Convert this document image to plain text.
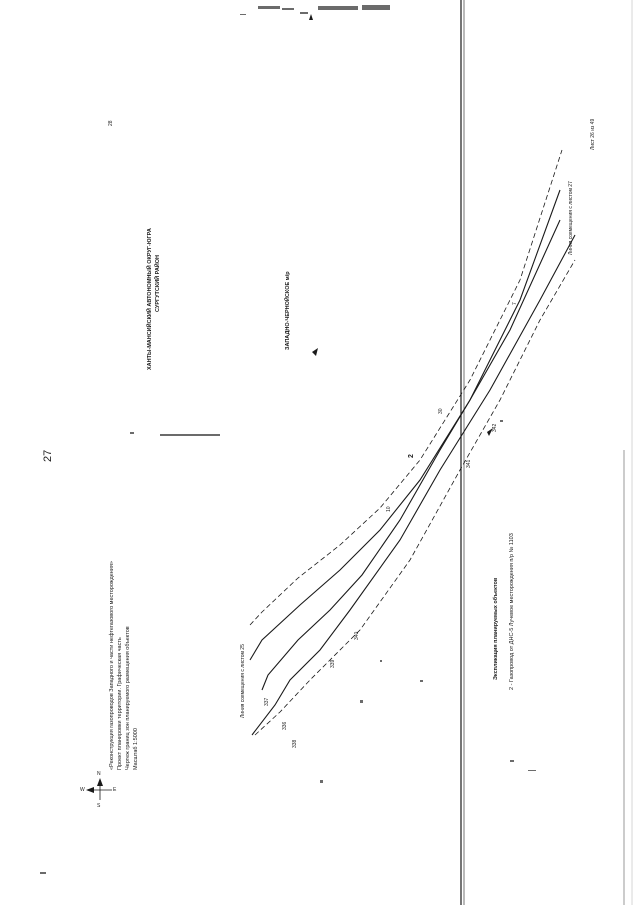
27
28
ХАНТЫ-МАНСИЙСКИЙ АВТОНОМНЫЙ ОКРУГ-ЮГРА СУРГУТСКИЙ РАЙОН	ЗАПАДНО-ЧЕРНОЙСКОЕ м/р
«Реконструкция газопроводов Западного и части нефтегазового месторождения» Проект планировки территории. Графическая часть Чертеж границ зон планируемого размещения объектов Масштаб 1:5000
N
S
E
W
Экспликация планируемых объектов 2 - Газопровод от ДНС-5 Лучевое месторождения п/р № 1103
Лист 26 из 49
Линия совмещения с листом 25
Линия совмещения с листом 27
336
337
338
339
340
341
342
2
7
30
10
